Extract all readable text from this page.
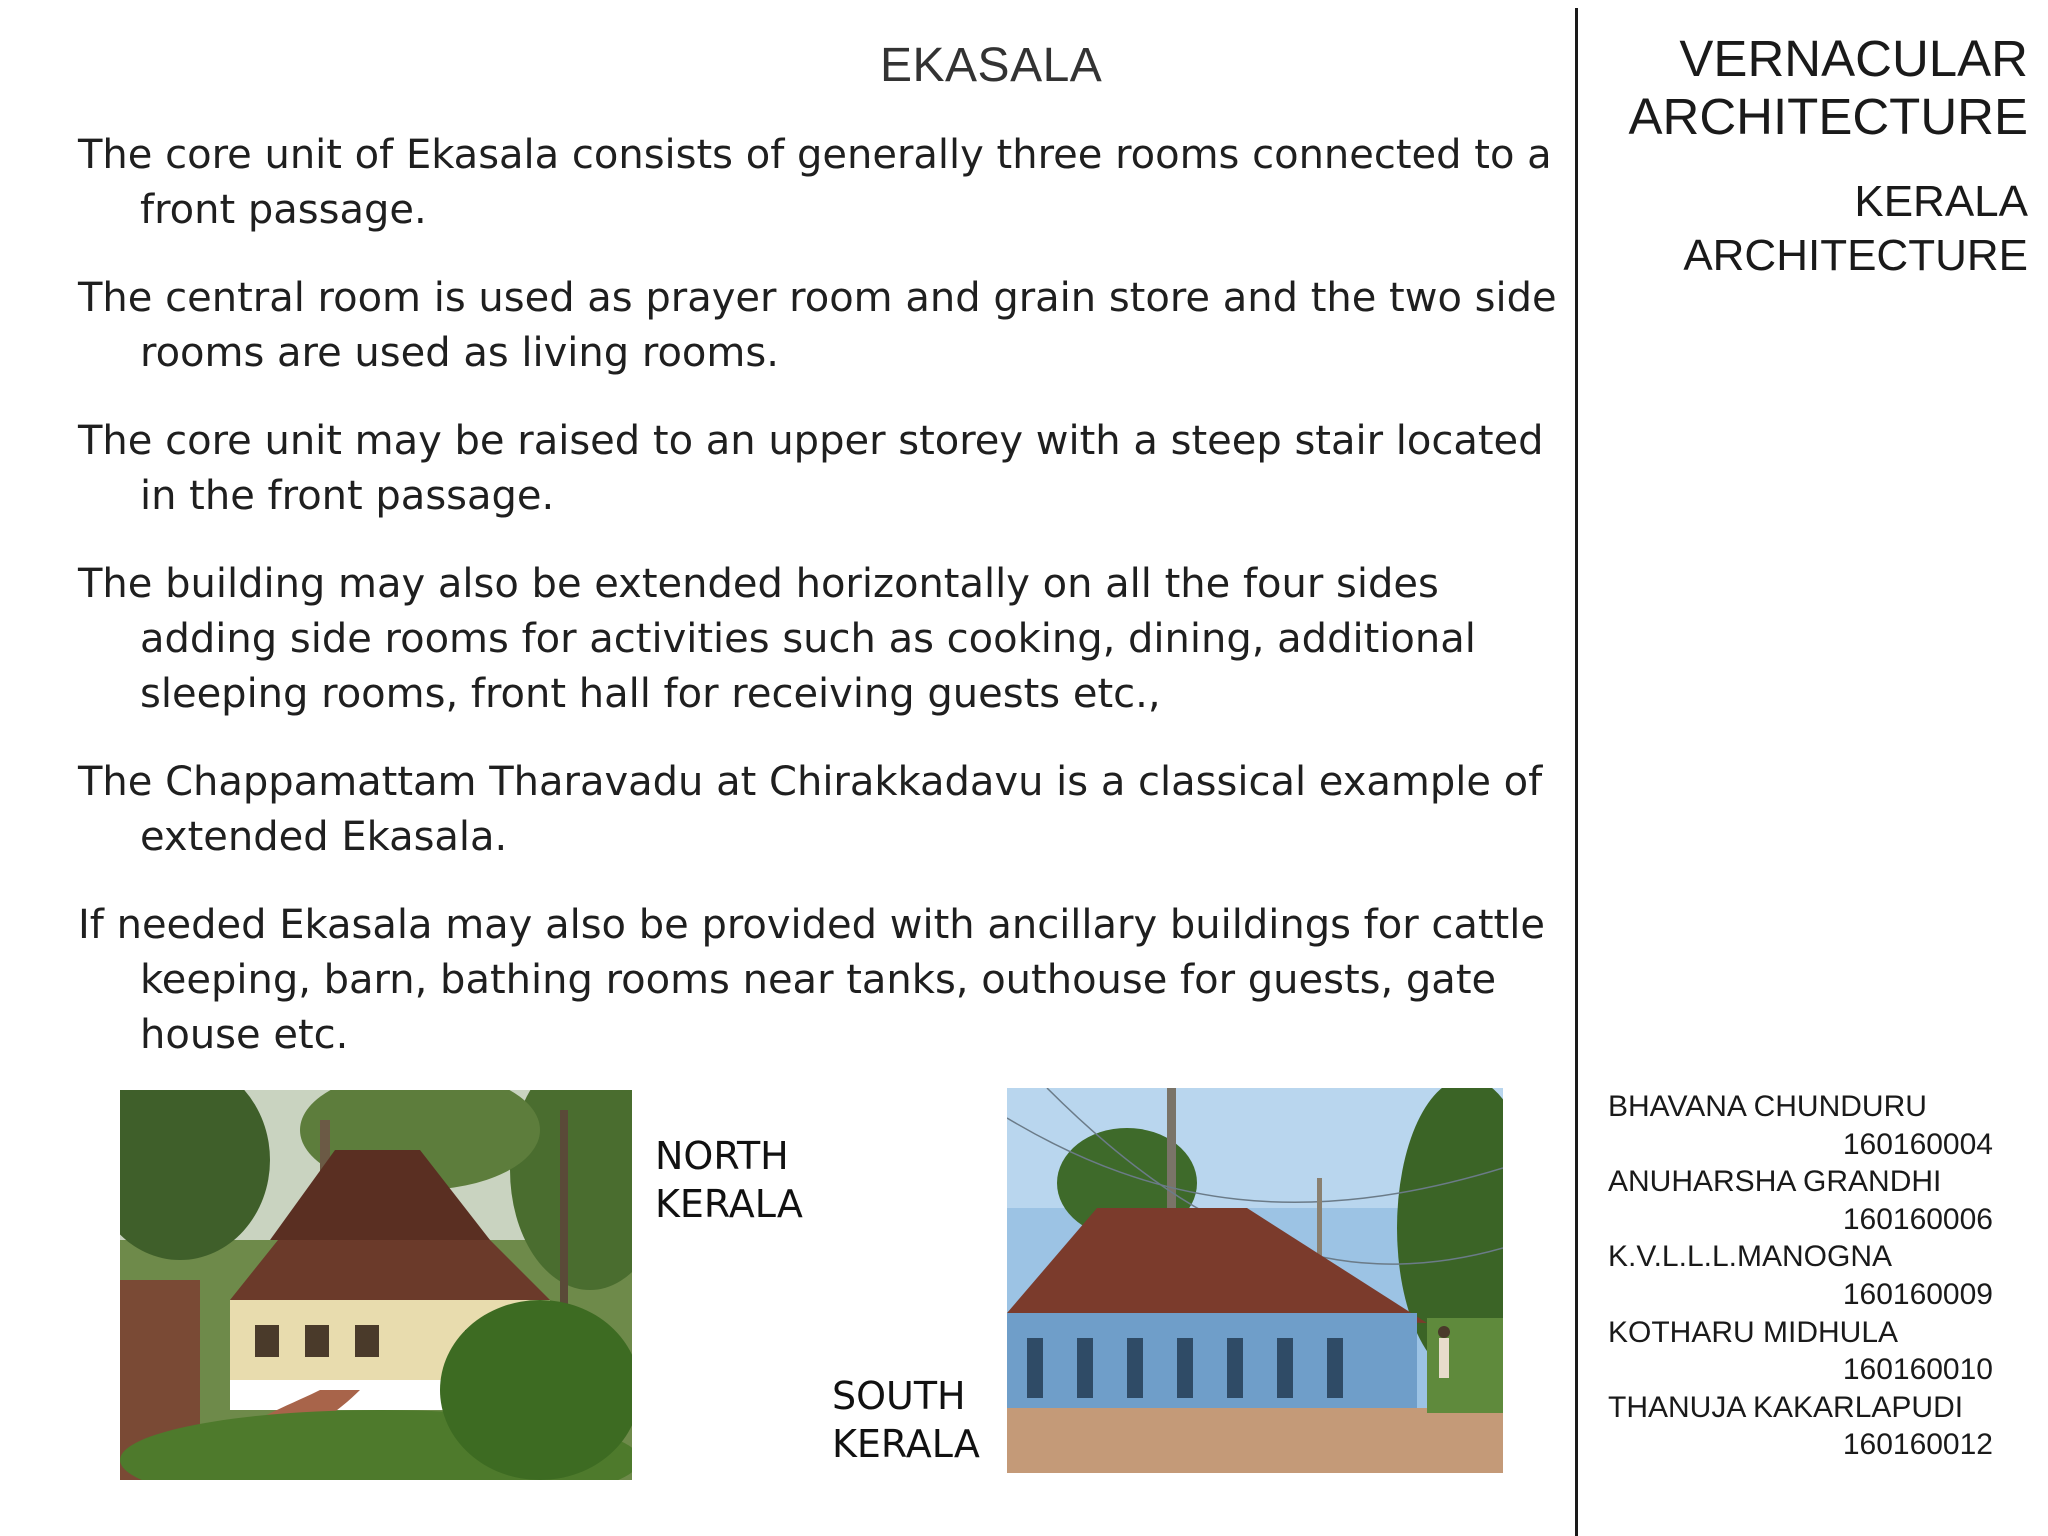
EKASALA

The core unit of Ekasala consists of generally three rooms connected to a front passage.

The central room is used as prayer room and grain store and the two side rooms are used as living rooms.

The core unit may be raised to an upper storey with a steep stair located in the front passage.

The building may also be extended horizontally on all the four sides adding side rooms for activities such as cooking, dining, additional sleeping rooms, front hall for receiving guests etc.,

The Chappamattam Tharavadu at Chirakkadavu is a classical example of extended Ekasala.

If needed Ekasala may also be provided with ancillary buildings for cattle keeping, barn, bathing rooms near tanks, outhouse for guests, gate house etc.

VERNACULAR
ARCHITECTURE
KERALA
ARCHITECTURE
NORTH
KERALA
SOUTH
KERALA
BHAVANA CHUNDURU
160160004
ANUHARSHA GRANDHI
160160006
K.V.L.L.L.MANOGNA
160160009
KOTHARU MIDHULA
160160010
THANUJA KAKARLAPUDI
160160012
